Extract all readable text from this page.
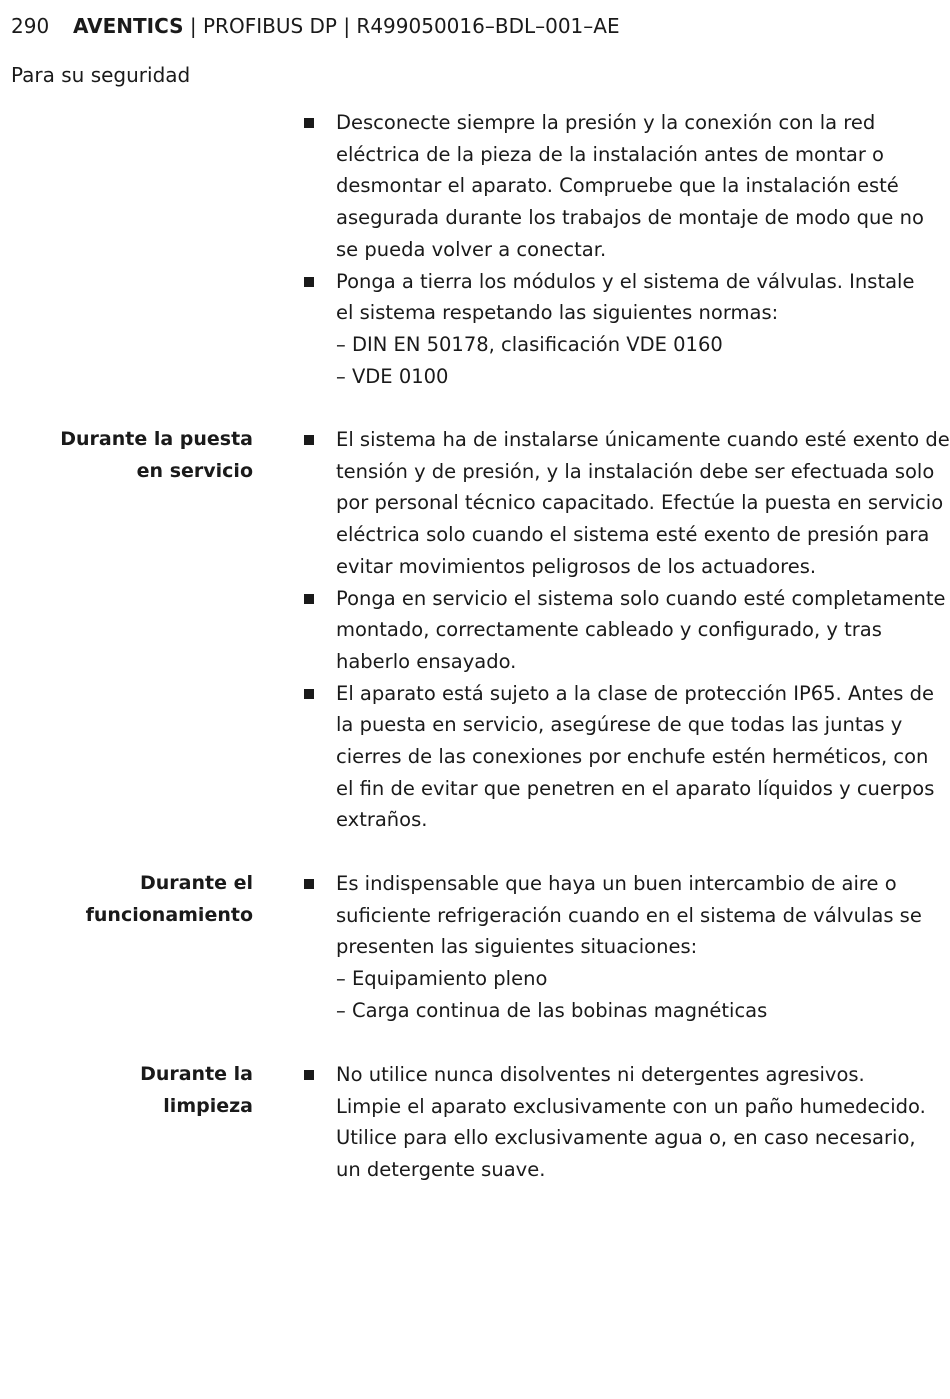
290 AVENTICS | PROFIBUS DP | R499050016–BDL–001–AE
Para su seguridad
Desconecte siempre la presión y la conexión con la red
eléctrica de la pieza de la instalación antes de montar o
desmontar el aparato. Compruebe que la instalación esté
asegurada durante los trabajos de montaje de modo que no
se pueda volver a conectar.
Ponga a tierra los módulos y el sistema de válvulas. Instale
el sistema respetando las siguientes normas:
– DIN EN 50178, clasificación VDE 0160
– VDE 0100
Durante la puesta
en servicio
El sistema ha de instalarse únicamente cuando esté exento de
tensión y de presión, y la instalación debe ser efectuada solo
por personal técnico capacitado. Efectúe la puesta en servicio
eléctrica solo cuando el sistema esté exento de presión para
evitar movimientos peligrosos de los actuadores.
Ponga en servicio el sistema solo cuando esté completamente
montado, correctamente cableado y configurado, y tras
haberlo ensayado.
El aparato está sujeto a la clase de protección IP65. Antes de
la puesta en servicio, asegúrese de que todas las juntas y
cierres de las conexiones por enchufe estén herméticos, con
el fin de evitar que penetren en el aparato líquidos y cuerpos
extraños.
Durante el
funcionamiento
Es indispensable que haya un buen intercambio de aire o
suficiente refrigeración cuando en el sistema de válvulas se
presenten las siguientes situaciones:
– Equipamiento pleno
– Carga continua de las bobinas magnéticas
Durante la
limpieza
No utilice nunca disolventes ni detergentes agresivos.
Limpie el aparato exclusivamente con un paño humedecido.
Utilice para ello exclusivamente agua o, en caso necesario,
un detergente suave.
